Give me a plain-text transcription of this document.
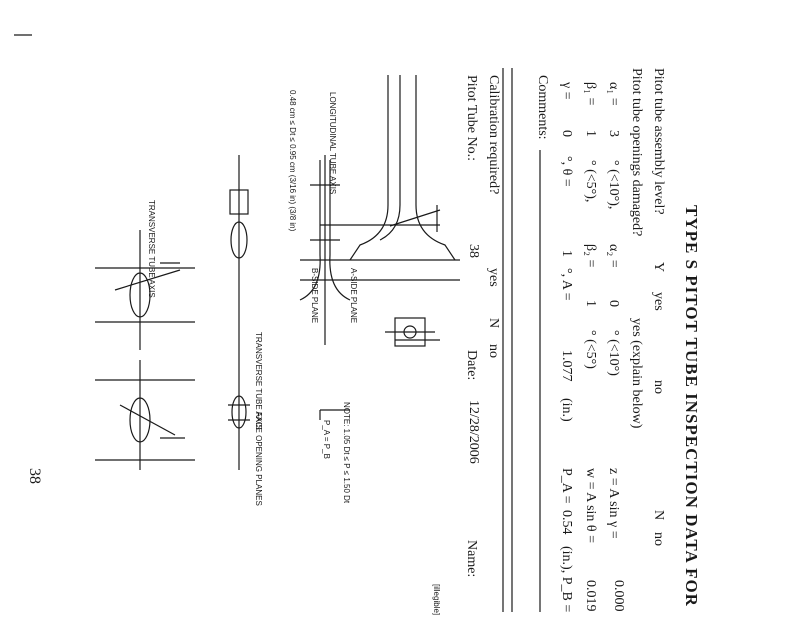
TYPE S PITOT TUBE INSPECTION DATA FOR
Pitot tube assembly level?
Y
yes
no
Pitot tube openings damaged?
yes (explain below)
N
no
α₁ =
3
° (<10°),
α₂ =
0
° (<10°)
z = A sin γ =
0.000
β₁ =
1
° (<5°),
β₂ =
1
° (<5°)
w = A sin θ =
0.019
γ =
0
°, θ =
1
°, A =
1.077
(in.)
P_A =
0.54
(in.), P_B =
Comments:
Calibration required?
yes
N
no
Pitot Tube No.:
38
Date:
12/28/2006
Name:
[illegible]
LONGITUDINAL TUBE AXIS
A-SIDE PLANE
B-SIDE PLANE
0.48 cm ≤ Dt ≤ 0.95 cm (3/16 in) (3/8 in)
TRANSVERSE TUBE AXIS
TRANSVERSE TUBE AXIS
FACE OPENING PLANES	NOTE: 1.05 Dt ≤ P ≤ 1.50 Dt
P_A = P_B
38
